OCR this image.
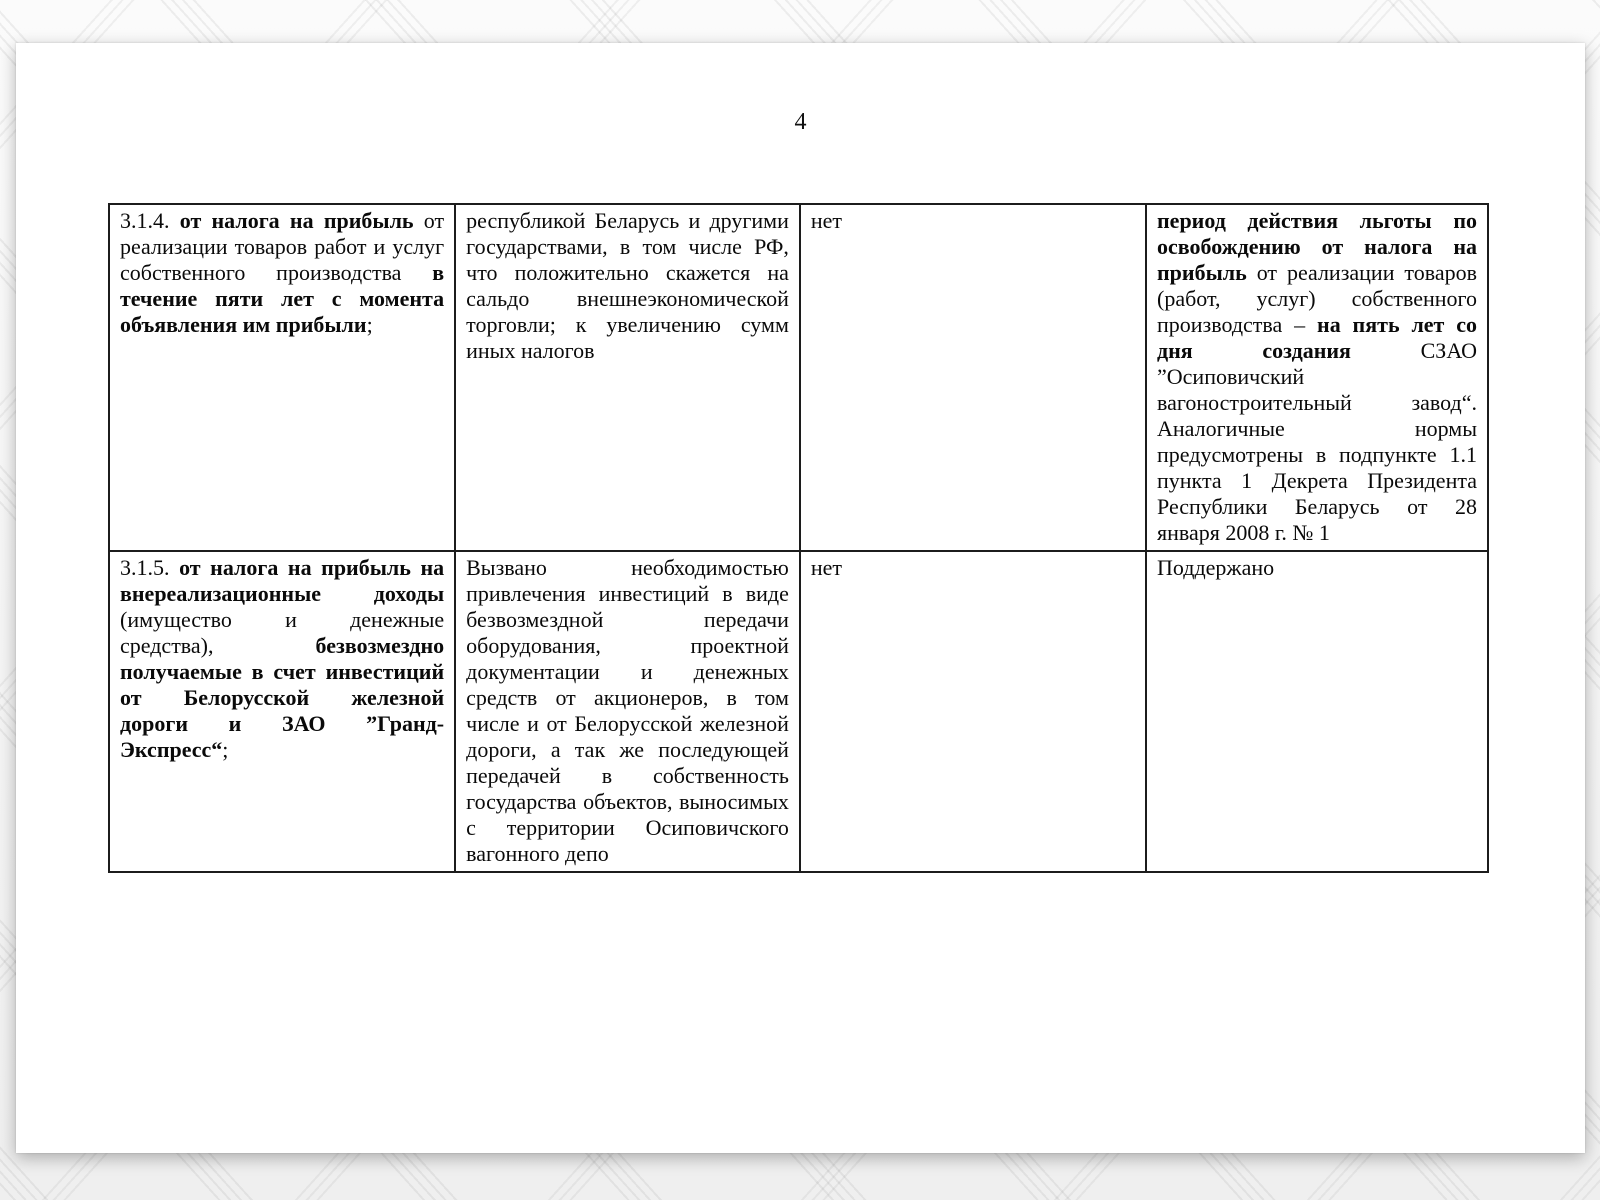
4
3.1.4. от налога на прибыль от реализации товаров работ и услуг собственного производства в течение пяти лет с момента объявления им прибыли;	республикой Беларусь и другими государствами, в том числе РФ, что положительно скажется на сальдо внешнеэкономической торговли; к увеличению сумм иных налогов	нет	период действия льготы по освобождению от налога на прибыль от реализации товаров (работ, услуг) собственного производства – на пять лет со дня создания СЗАО ”Осиповичский вагоностроительный завод“. Аналогичные нормы предусмотрены в подпункте 1.1 пункта 1 Декрета Президента Республики Беларусь от 28 января 2008 г. № 1
3.1.5. от налога на прибыль на внереализационные доходы (имущество и денежные средства), безвозмездно получаемые в счет инвестиций от Белорусской железной дороги и ЗАО ”Гранд-Экспресс“;	Вызвано необходимостью привлечения инвестиций в виде безвозмездной передачи оборудования, проектной документации и денежных средств от акционеров, в том числе и от Белорусской железной дороги, а так же последующей передачей в собственность государства объектов, выносимых с территории Осиповичского вагонного депо	нет	Поддержано
